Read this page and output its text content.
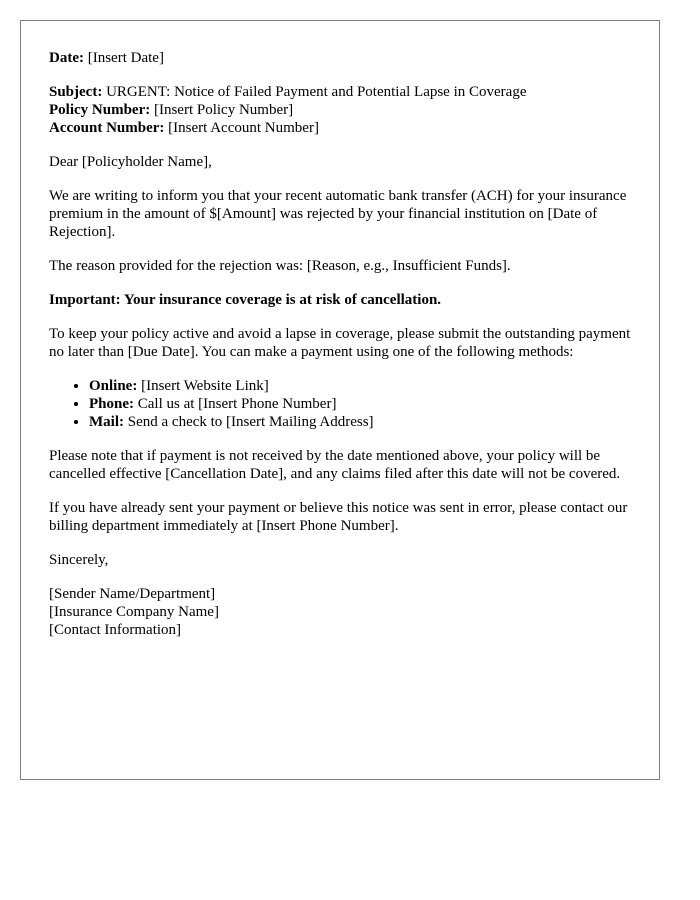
Date: [Insert Date]

Subject: URGENT: Notice of Failed Payment and Potential Lapse in Coverage

Policy Number: [Insert Policy Number]

Account Number: [Insert Account Number]

Dear [Policyholder Name],

We are writing to inform you that your recent automatic bank transfer (ACH) for your insurance premium in the amount of $[Amount] was rejected by your financial institution on [Date of Rejection].

The reason provided for the rejection was: [Reason, e.g., Insufficient Funds].

Important: Your insurance coverage is at risk of cancellation.

To keep your policy active and avoid a lapse in coverage, please submit the outstanding payment no later than [Due Date]. You can make a payment using one of the following methods:

• Online: [Insert Website Link]
• Phone: Call us at [Insert Phone Number]
• Mail: Send a check to [Insert Mailing Address]

Please note that if payment is not received by the date mentioned above, your policy will be cancelled effective [Cancellation Date], and any claims filed after this date will not be covered.

If you have already sent your payment or believe this notice was sent in error, please contact our billing department immediately at [Insert Phone Number].

Sincerely,

[Sender Name/Department]
[Insurance Company Name]
[Contact Information]
